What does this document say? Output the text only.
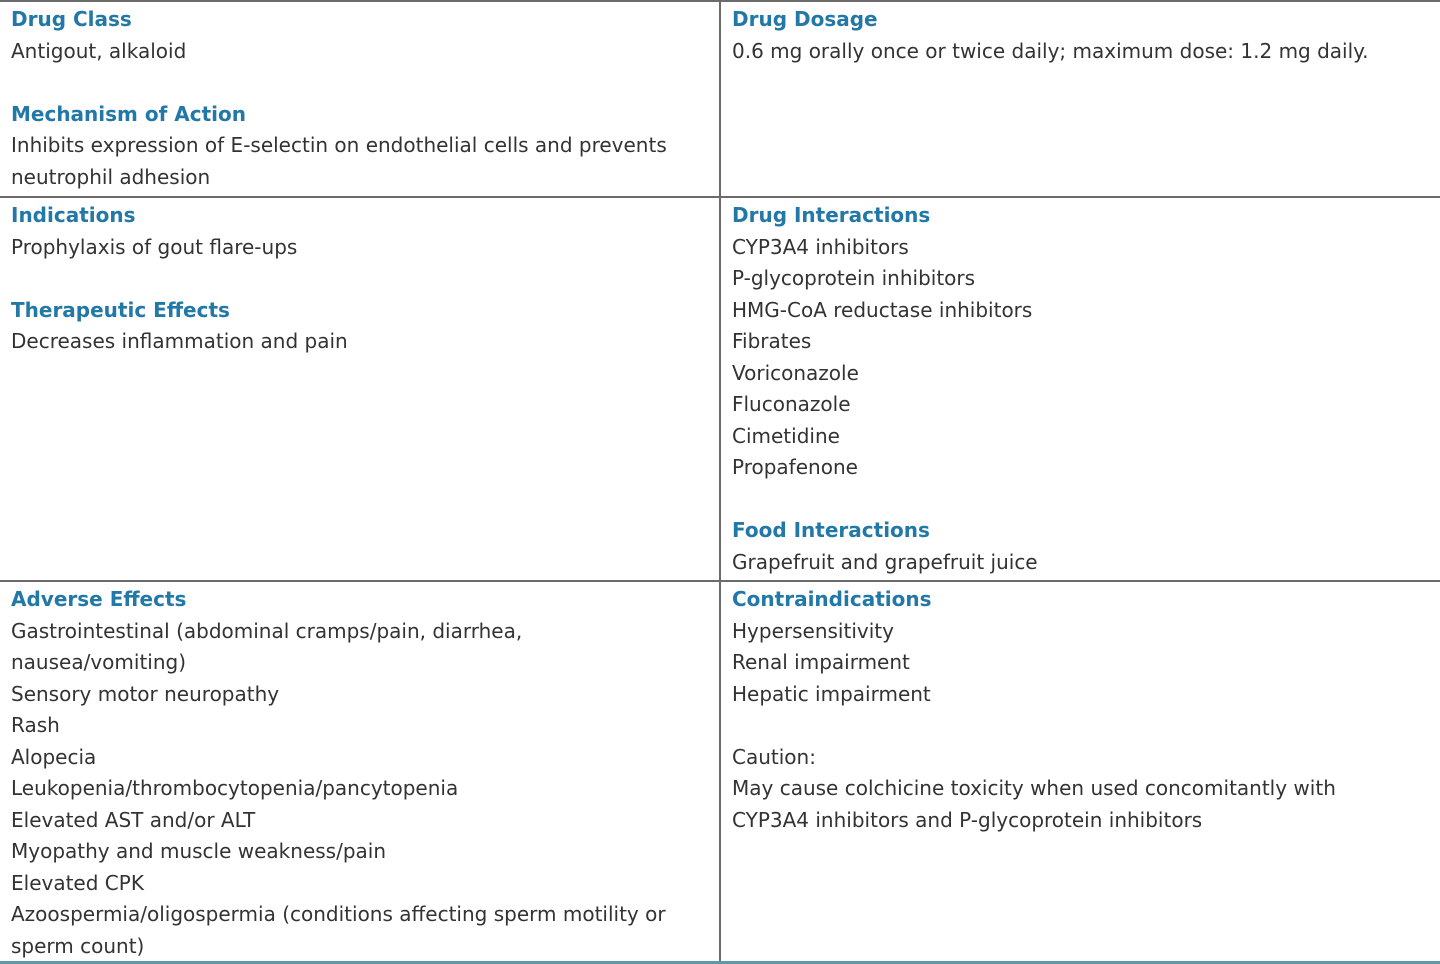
Drug Class

Antigout, alkaloid

Mechanism of Action

Inhibits expression of E-selectin on endothelial cells and prevents

neutrophil adhesion

Drug Dosage

0.6 mg orally once or twice daily; maximum dose: 1.2 mg daily.

Indications

Prophylaxis of gout flare-ups

Therapeutic Effects

Decreases inflammation and pain

Drug Interactions

CYP3A4 inhibitors

P-glycoprotein inhibitors

HMG-CoA reductase inhibitors

Fibrates

Voriconazole

Fluconazole

Cimetidine

Propafenone

Food Interactions

Grapefruit and grapefruit juice

Adverse Effects

Gastrointestinal (abdominal cramps/pain, diarrhea,

nausea/vomiting)

Sensory motor neuropathy

Rash

Alopecia

Leukopenia/thrombocytopenia/pancytopenia

Elevated AST and/or ALT

Myopathy and muscle weakness/pain

Elevated CPK

Azoospermia/oligospermia (conditions affecting sperm motility or

sperm count)

Contraindications

Hypersensitivity

Renal impairment

Hepatic impairment

Caution:

May cause colchicine toxicity when used concomitantly with

CYP3A4 inhibitors and P-glycoprotein inhibitors
